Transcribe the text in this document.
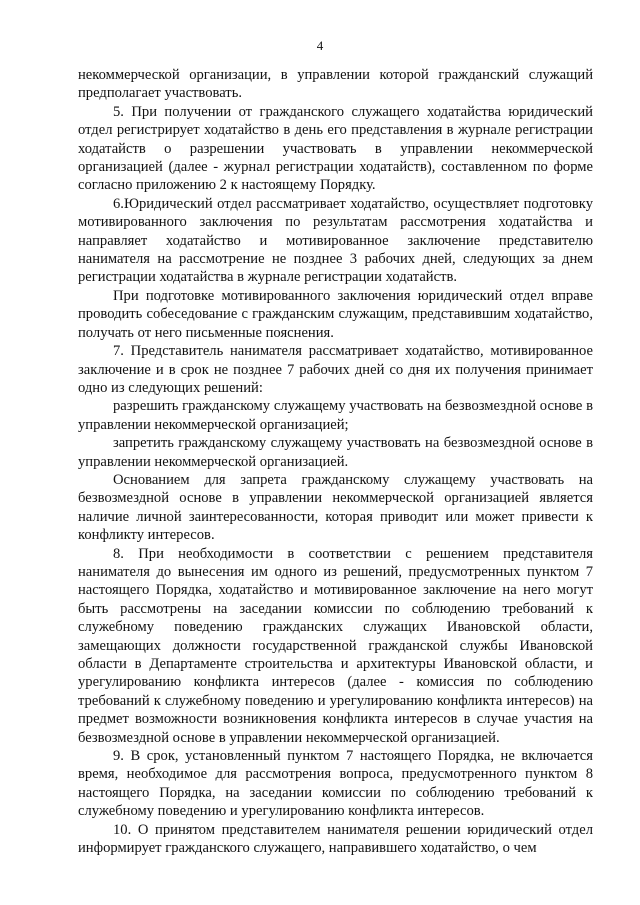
4

некоммерческой организации, в управлении которой гражданский служащий предполагает участвовать.

5. При получении от гражданского служащего ходатайства юридический отдел регистрирует ходатайство в день его представления в журнале регистрации ходатайств о разрешении участвовать в управлении некоммерческой организацией (далее - журнал регистрации ходатайств), составленном по форме согласно приложению 2 к настоящему Порядку.

6.Юридический отдел рассматривает ходатайство, осуществляет подготовку мотивированного заключения по результатам рассмотрения ходатайства и направляет ходатайство и мотивированное заключение представителю нанимателя на рассмотрение не позднее 3 рабочих дней, следующих за днем регистрации ходатайства в журнале регистрации ходатайств.

При подготовке мотивированного заключения юридический отдел вправе проводить собеседование с гражданским служащим, представившим ходатайство, получать от него письменные пояснения.

7. Представитель нанимателя рассматривает ходатайство, мотивированное заключение и в срок не позднее 7 рабочих дней со дня их получения принимает одно из следующих решений:

разрешить гражданскому служащему участвовать на безвозмездной основе в управлении некоммерческой организацией;

запретить гражданскому служащему участвовать на безвозмездной основе в управлении некоммерческой организацией.

Основанием для запрета гражданскому служащему участвовать на безвозмездной основе в управлении некоммерческой организацией является наличие личной заинтересованности, которая приводит или может привести к конфликту интересов.

8. При необходимости в соответствии с решением представителя нанимателя до вынесения им одного из решений, предусмотренных пунктом 7 настоящего Порядка, ходатайство и мотивированное заключение на него могут быть рассмотрены на заседании комиссии по соблюдению требований к служебному поведению гражданских служащих Ивановской области, замещающих должности государственной гражданской службы Ивановской области в Департаменте строительства и архитектуры Ивановской области, и урегулированию конфликта интересов (далее - комиссия по соблюдению требований к служебному поведению и урегулированию конфликта интересов) на предмет возможности возникновения конфликта интересов в случае участия на безвозмездной основе в управлении некоммерческой организацией.

9. В срок, установленный пунктом 7 настоящего Порядка, не включается время, необходимое для рассмотрения вопроса, предусмотренного пунктом 8 настоящего Порядка, на заседании комиссии по соблюдению требований к служебному поведению и урегулированию конфликта интересов.

10. О принятом представителем нанимателя решении юридический отдел информирует гражданского служащего, направившего ходатайство, о чем
